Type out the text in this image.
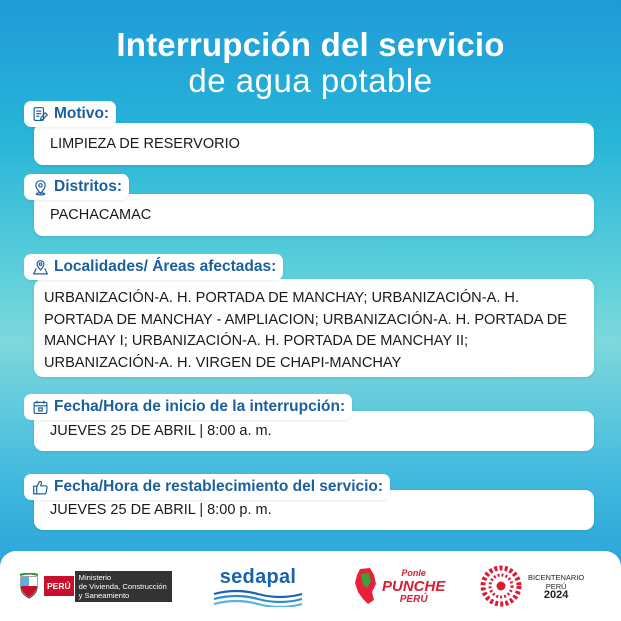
Interrupción del servicio
de agua potable
LIMPIEZA DE RESERVORIO
Motivo:
PACHACAMAC
Distritos:
URBANIZACIÓN-A. H. PORTADA DE MANCHAY; URBANIZACIÓN-A. H. PORTADA DE MANCHAY - AMPLIACION; URBANIZACIÓN-A. H. PORTADA DE MANCHAY I; URBANIZACIÓN-A. H. PORTADA DE MANCHAY II; URBANIZACIÓN-A. H. VIRGEN DE CHAPI-MANCHAY
Localidades/ Áreas afectadas:
JUEVES 25 DE ABRIL | 8:00 a. m.
Fecha/Hora de inicio de la interrupción:
JUEVES 25 DE ABRIL | 8:00 p. m.
Fecha/Hora de restablecimiento del servicio:
PERÚ
Ministerio
de Vivienda, Construcción
y Saneamiento
sedapal	Ponle
PUNCHE
PERÚ
BICENTENARIO
PERÚ
2024
